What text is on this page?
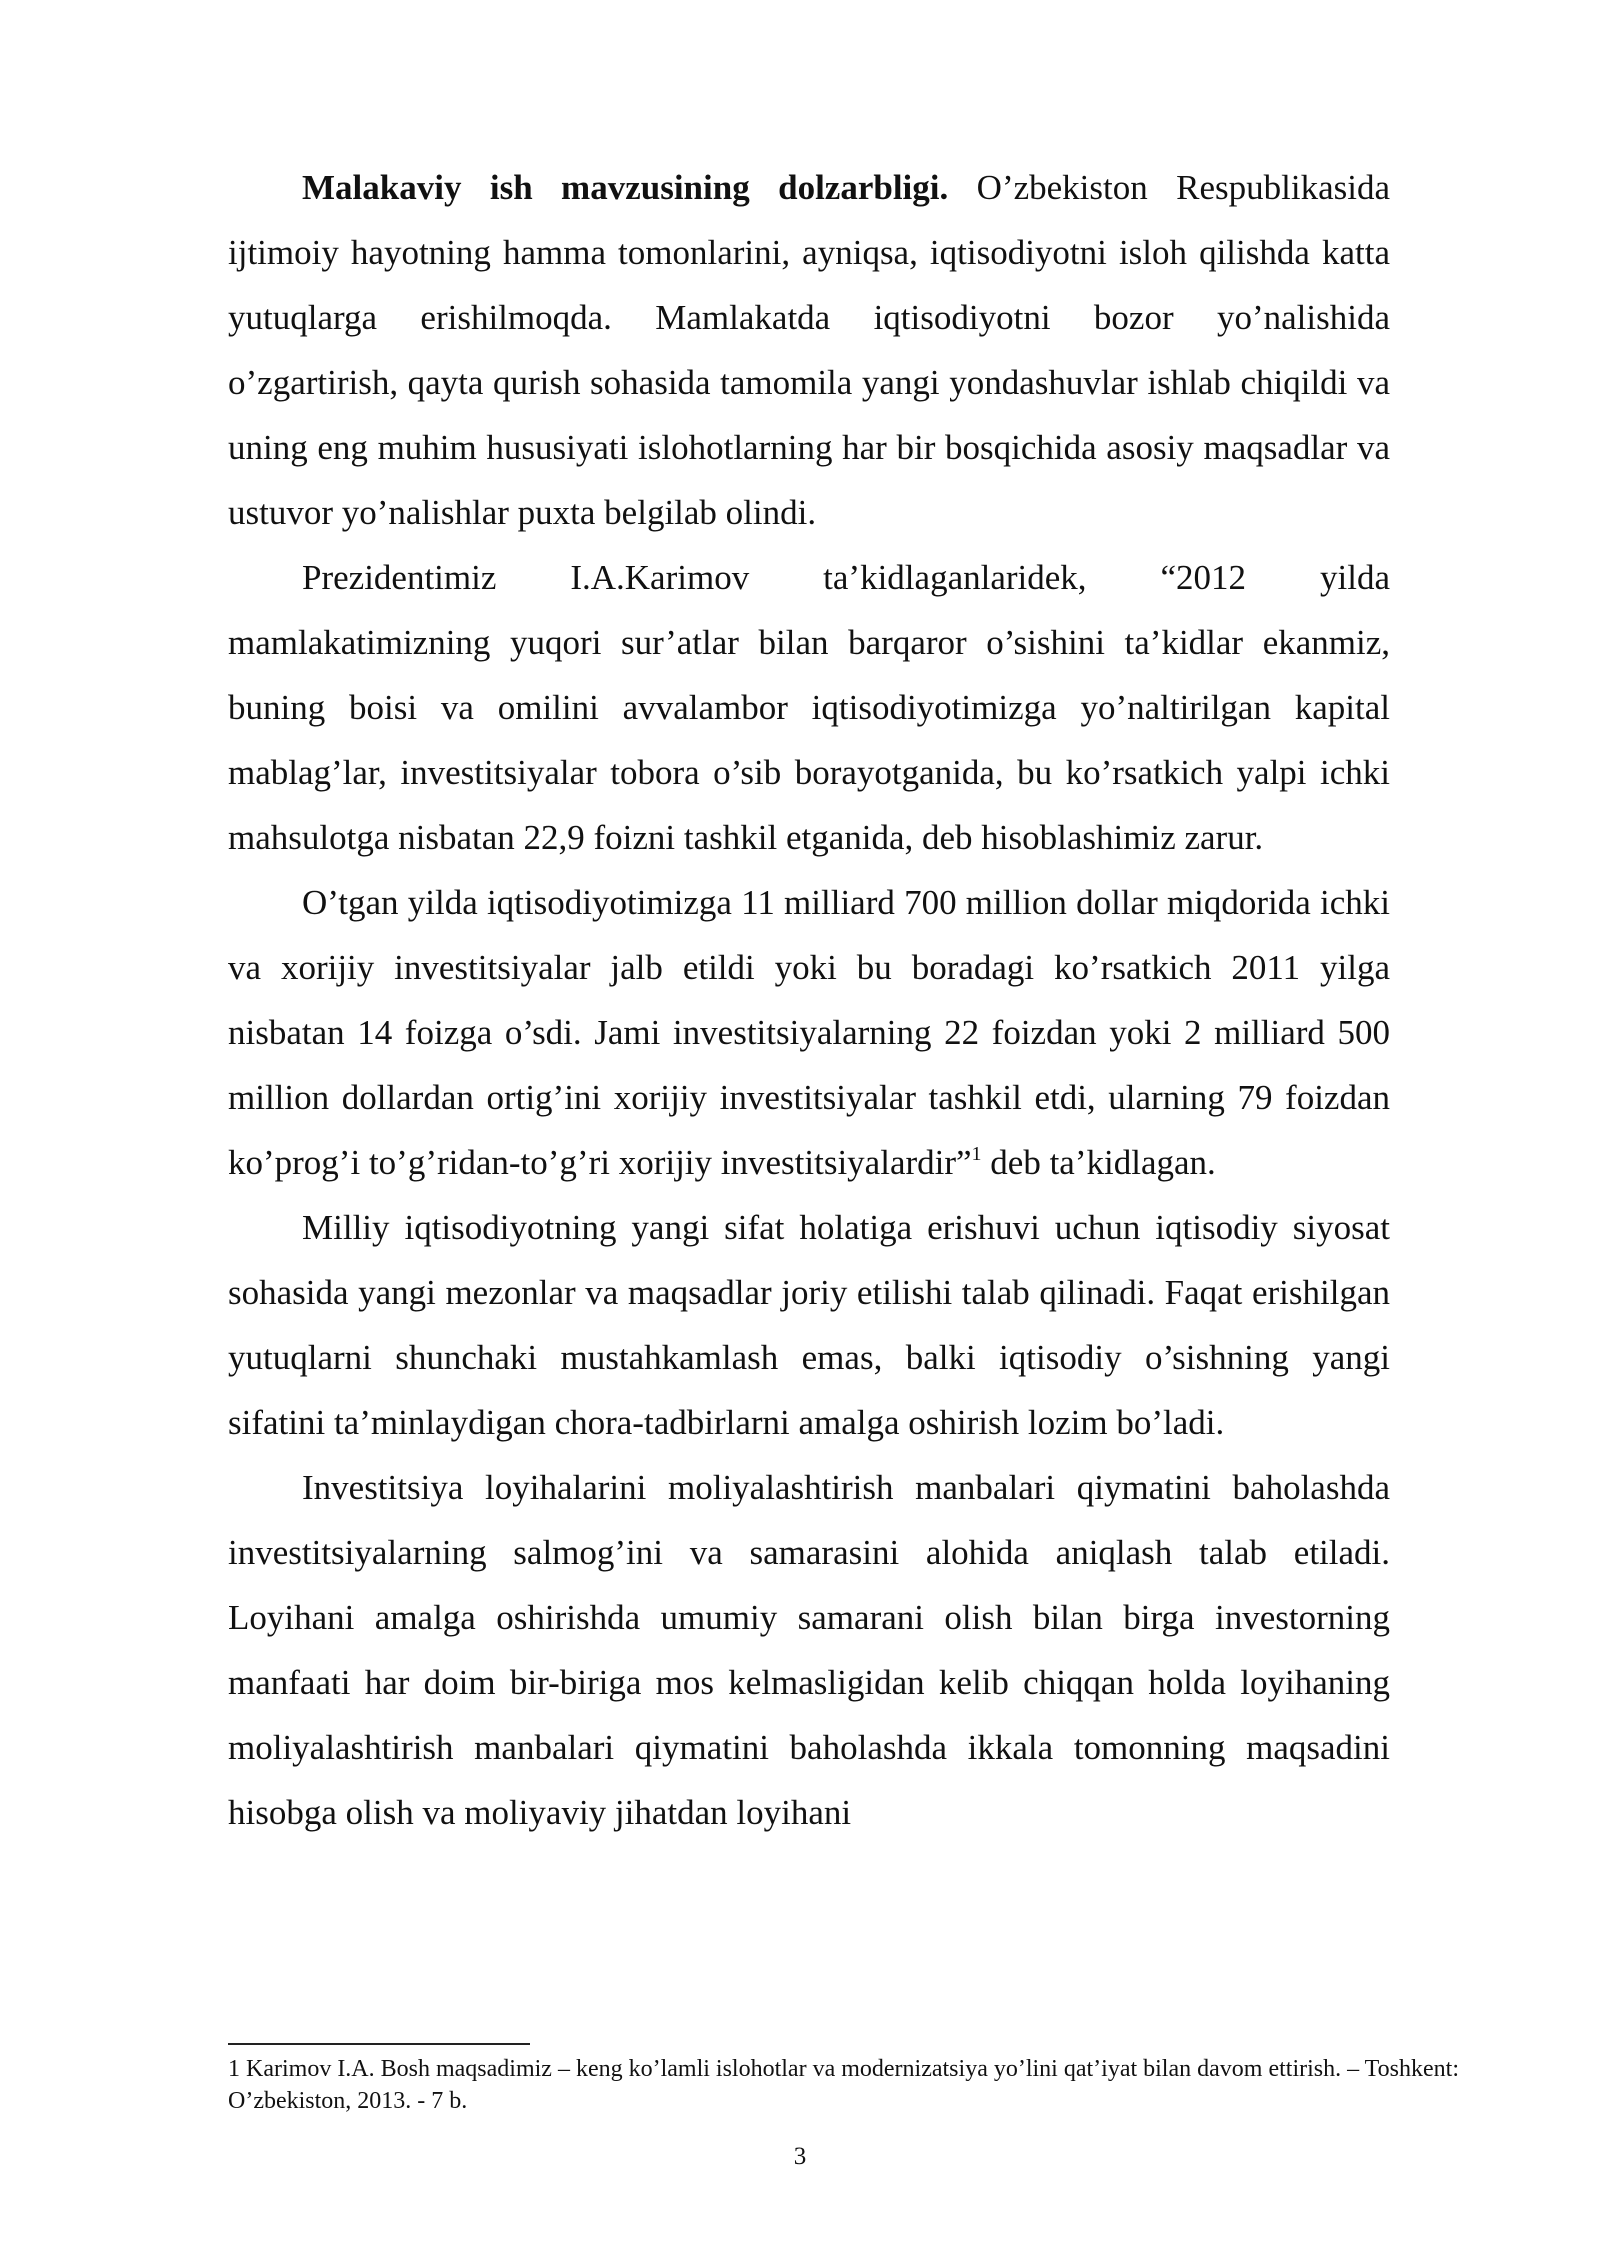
Malakaviy ish mavzusining dolzarbligi. O’zbekiston Respublikasida ijtimoiy hayotning hamma tomonlarini, ayniqsa, iqtisodiyotni isloh qilishda katta yutuqlarga erishilmoqda. Mamlakatda iqtisodiyotni bozor yo’nalishida o’zgartirish, qayta qurish sohasida tamomila yangi yondashuvlar ishlab chiqildi va uning eng muhim hususiyati islohotlarning har bir bosqichida asosiy maqsadlar va ustuvor yo’nalishlar puxta belgilab olindi.

Prezidentimiz I.A.Karimov ta’kidlaganlaridek, “2012 yilda mamlakatimizning yuqori sur’atlar bilan barqaror o’sishini ta’kidlar ekanmiz, buning boisi va omilini avvalambor iqtisodiyotimizga yo’naltirilgan kapital mablag’lar, investitsiyalar tobora o’sib borayotganida, bu ko’rsatkich yalpi ichki mahsulotga nisbatan 22,9 foizni tashkil etganida, deb hisoblashimiz zarur.

O’tgan yilda iqtisodiyotimizga 11 milliard 700 million dollar miqdorida ichki va xorijiy investitsiyalar jalb etildi yoki bu boradagi ko’rsatkich 2011 yilga nisbatan 14 foizga o’sdi. Jami investitsiyalarning 22 foizdan yoki 2 milliard 500 million dollardan ortig’ini xorijiy investitsiyalar tashkil etdi, ularning 79 foizdan ko’prog’i to’g’ridan-to’g’ri xorijiy investitsiyalardir”$^1$ deb ta’kidlagan.

Milliy iqtisodiyotning yangi sifat holatiga erishuvi uchun iqtisodiy siyosat sohasida yangi mezonlar va maqsadlar joriy etilishi talab qilinadi. Faqat erishilgan yutuqlarni shunchaki mustahkamlash emas, balki iqtisodiy o’sishning yangi sifatini ta’minlaydigan chora-tadbirlarni amalga oshirish lozim bo’ladi.

Investitsiya loyihalarini moliyalashtirish manbalari qiymatini baholashda investitsiyalarning salmog’ini va samarasini alohida aniqlash talab etiladi. Loyihani amalga oshirishda umumiy samarani olish bilan birga investorning manfaati har doim bir-biriga mos kelmasligidan kelib chiqqan holda loyihaning moliyalashtirish manbalari qiymatini baholashda ikkala tomonning maqsadini hisobga olish va moliyaviy jihatdan loyihani

1 Karimov I.A. Bosh maqsadimiz – keng ko’lamli islohotlar va modernizatsiya yo’lini qat’iyat bilan davom ettirish. – Toshkent: O’zbekiston, 2013. - 7 b.

3
